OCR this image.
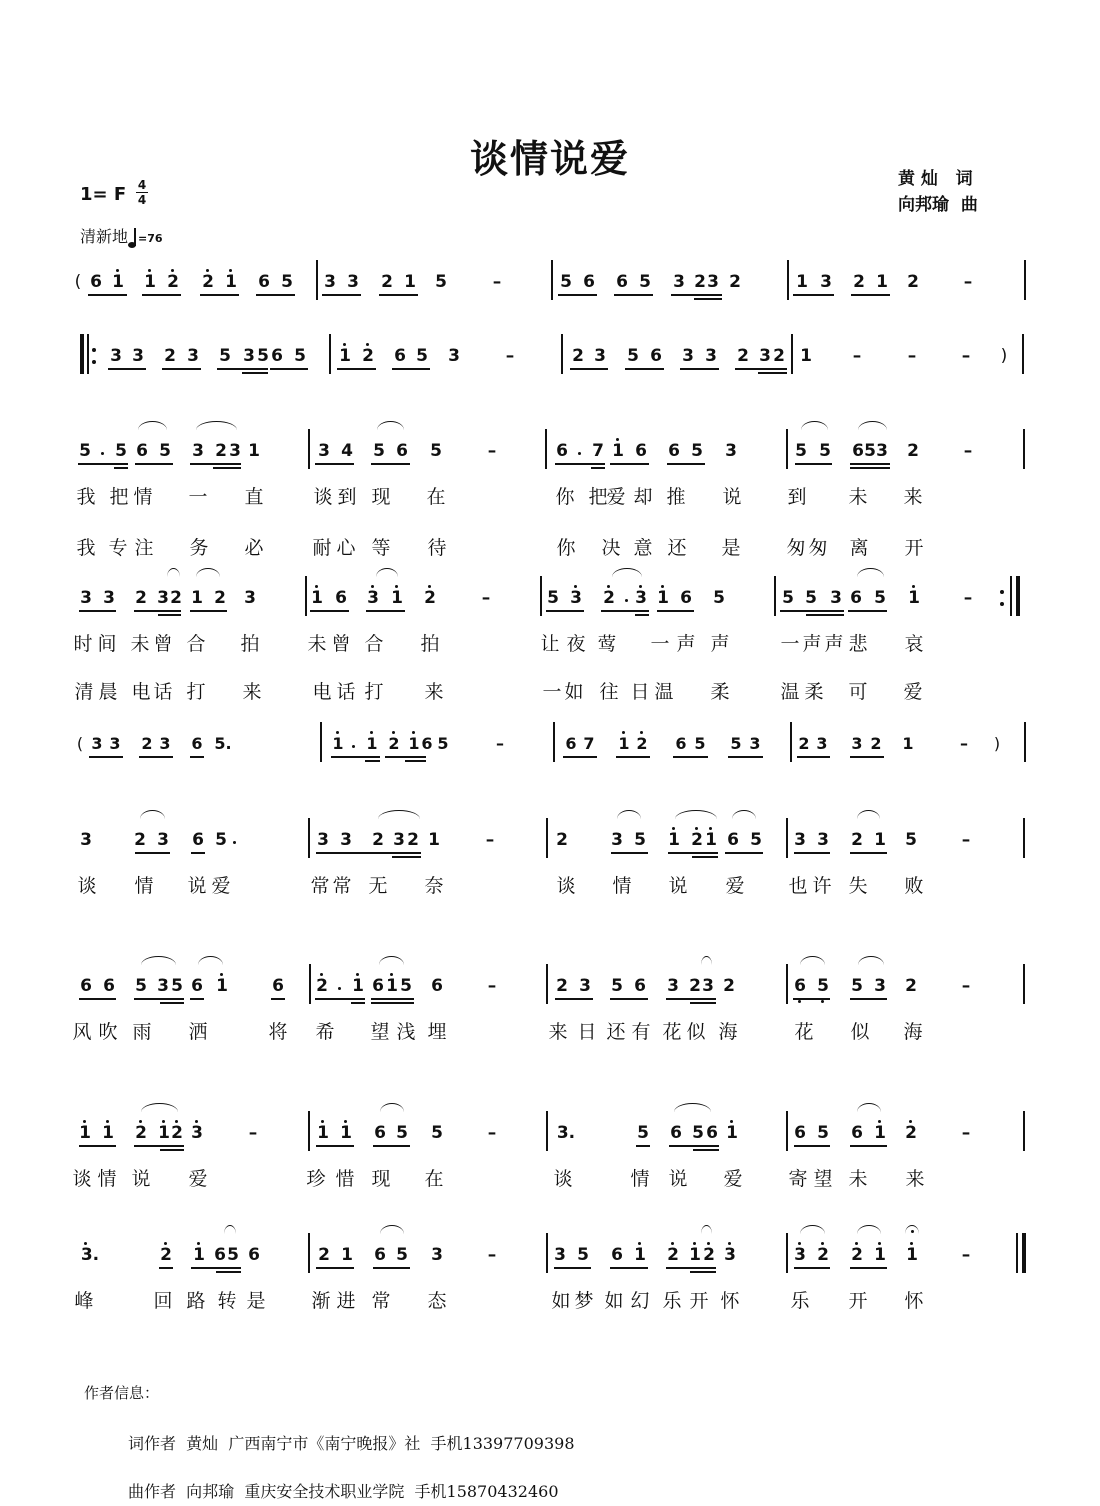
谈情说爱	黄 灿   词
向邦瑜  曲
1= F 4
4
清新地 =76
( 6 1 1 2 2 1 6 5 3 3 2 1 5	–	5 6 6 5 3 2 3 2	1 3 2 1 2	–
3 3 2 3 5 3 5 6 5 1 2 6 5 3	–	2 3 5 6 3 3 2 3 2 1 –	–	– )
5 5 6 5 3 2 3 1	3 4 5 6 5	–	6 7 1 6 6 5 3	5 5 6 5 3 2	–
3 3 2 3 2 1 2 3	1 6 3 1 2	–	5 3 2 3 1 6 5	5 5 3 6 5 1	–
( 3 3 2 3 6 5.	1 1 2 1 6 5	–	6 7 1 2 6 5 5 3 2 3 3 2 1	– )
3 2 3 6 5	3 3 2 3 2 1	–	2	3 5 1 2 1 6 5 3 3 2 1 5	–
6 6 5 3 5 6 1	6 2 1 6 1 5 6	–	2 3 5 6 3 2 3 2	6 5 5 3 2	–
1 1 2 1 2 3	–	1 1 6 5 5	–	3.	5 6 5 6 1	6 5 6 1 2	–
3.	2 1 6 5 6	2 1 6 5 3	–	3 5 6 1 2 1 2 3	3 2 2 1 1	–
我 把 情 一 直	谈 到 现 在	你 把
爱 却 推 说 到 未 来
我 专 注 务 必	耐 心 等 待	你 决 意 还 是 匆 匆 离 开
时 间 未 曾 合 拍	未 曾 合 拍	让 夜 莺 一 声 声	一 声 声 悲 哀
清 晨 电 话 打 来	电 话 打 来	一 如 往 日 温 柔	温 柔 可 爱
谈 情 说 爱	常 常 无 奈	谈 情 说 爱 也 许 失 败
风 吹 雨 洒	将 希 望 浅 埋	来 日 还 有 花 似 海	花 似 海
谈 情 说 爱	珍 惜 现 在	谈	情 说 爱 寄 望 未 来
峰	回 路 转 是 渐 进 常 态	如 梦 如 幻 乐 开 怀	乐 开 怀
作者信息：
词作者  黄灿  广西南宁市《南宁晚报》社  手机13397709398
曲作者  向邦瑜  重庆安全技术职业学院  手机15870432460
